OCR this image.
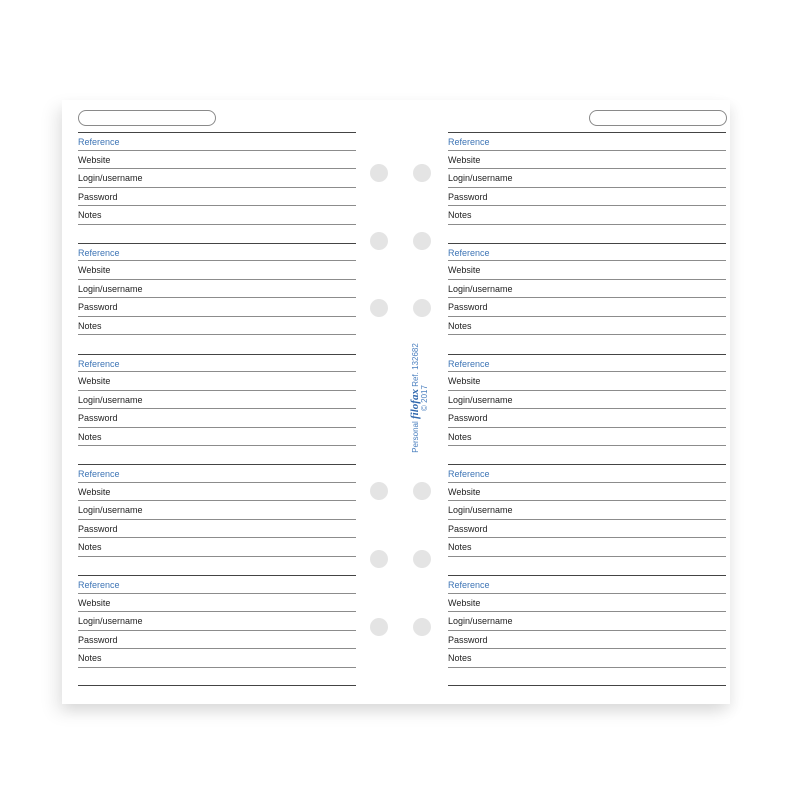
Reference
Website
Login/username
Password
Notes
Reference
Website
Login/username
Password
Notes
Reference
Website
Login/username
Password
Notes
Reference
Website
Login/username
Password
Notes
Reference
Website
Login/username
Password
Notes
Reference
Website
Login/username
Password
Notes
Reference
Website
Login/username
Password
Notes
Reference
Website
Login/username
Password
Notes
Reference
Website
Login/username
Password
Notes
Reference
Website
Login/username
Password
Notes
Personal filofax Ref. 132682
© 2017
